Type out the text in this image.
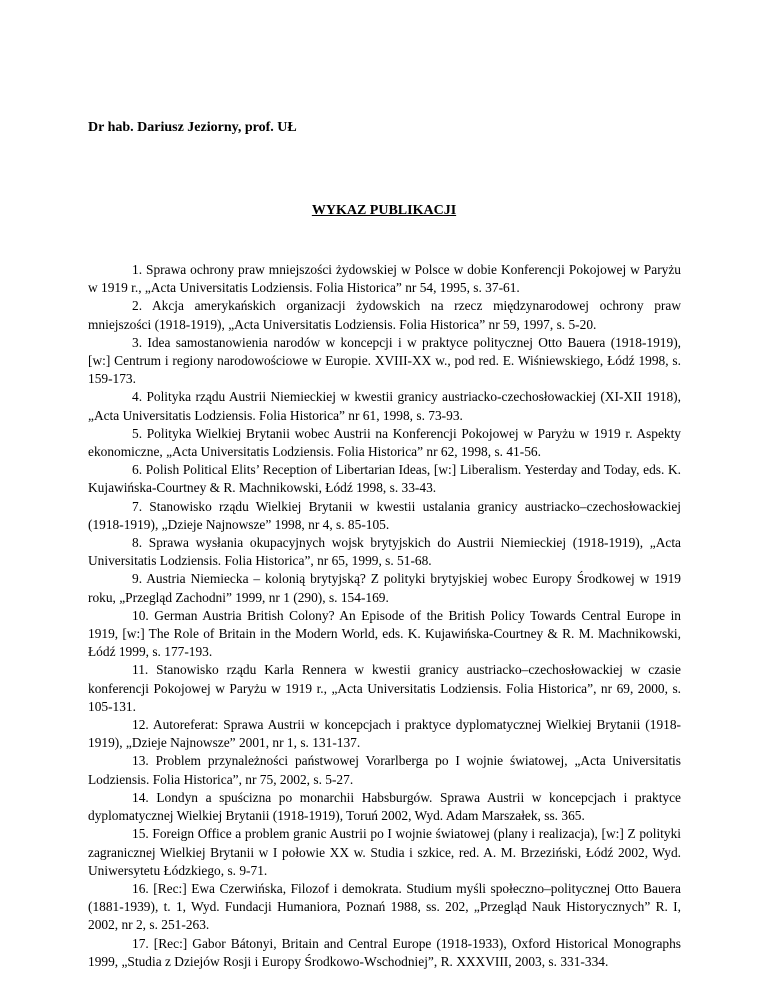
Dr hab. Dariusz Jeziorny, prof. UŁ

WYKAZ PUBLIKACJI

1. Sprawa ochrony praw mniejszości żydowskiej w Polsce w dobie Konferencji Pokojowej w Paryżu w 1919 r., „Acta Universitatis Lodziensis. Folia Historica” nr 54, 1995, s. 37-61.
2. Akcja amerykańskich organizacji żydowskich na rzecz międzynarodowej ochrony praw mniejszości (1918-1919), „Acta Universitatis Lodziensis. Folia Historica” nr 59, 1997, s. 5-20.
3. Idea samostanowienia narodów w koncepcji i w praktyce politycznej Otto Bauera (1918-1919), [w:] Centrum i regiony narodowościowe w Europie. XVIII-XX w., pod red. E. Wiśniewskiego, Łódź 1998, s. 159-173.
4. Polityka rządu Austrii Niemieckiej w kwestii granicy austriacko-czechosłowackiej (XI-XII 1918), „Acta Universitatis Lodziensis. Folia Historica” nr 61, 1998, s. 73-93.
5. Polityka Wielkiej Brytanii wobec Austrii na Konferencji Pokojowej w Paryżu w 1919 r. Aspekty ekonomiczne, „Acta Universitatis Lodziensis. Folia Historica” nr 62, 1998, s. 41-56.
6. Polish Political Elits’ Reception of Libertarian Ideas, [w:] Liberalism. Yesterday and Today, eds. K. Kujawińska-Courtney & R. Machnikowski, Łódź 1998, s. 33-43.
7. Stanowisko rządu Wielkiej Brytanii w kwestii ustalania granicy austriacko–czechosłowackiej (1918-1919), „Dzieje Najnowsze” 1998, nr 4, s. 85-105.
8. Sprawa wysłania okupacyjnych wojsk brytyjskich do Austrii Niemieckiej (1918-1919), „Acta Universitatis Lodziensis. Folia Historica”, nr 65, 1999, s. 51-68.
9. Austria Niemiecka – kolonią brytyjską? Z polityki brytyjskiej wobec Europy Środkowej w 1919 roku, „Przegląd Zachodni” 1999, nr 1 (290), s. 154-169.
10. German Austria British Colony? An Episode of the British Policy Towards Central Europe in 1919, [w:] The Role of Britain in the Modern World, eds. K. Kujawińska-Courtney & R. M. Machnikowski, Łódź 1999, s. 177-193.
11. Stanowisko rządu Karla Rennera w kwestii granicy austriacko–czechosłowackiej w czasie konferencji Pokojowej w Paryżu w 1919 r., „Acta Universitatis Lodziensis. Folia Historica”, nr 69, 2000, s. 105-131.
12. Autoreferat: Sprawa Austrii w koncepcjach i praktyce dyplomatycznej Wielkiej Brytanii (1918-1919), „Dzieje Najnowsze” 2001, nr 1, s. 131-137.
13. Problem przynależności państwowej Vorarlberga po I wojnie światowej, „Acta Universitatis Lodziensis. Folia Historica”, nr 75, 2002, s. 5-27.
14. Londyn a spuścizna po monarchii Habsburgów. Sprawa Austrii w koncepcjach i praktyce dyplomatycznej Wielkiej Brytanii (1918-1919), Toruń 2002, Wyd. Adam Marszałek, ss. 365.
15. Foreign Office a problem granic Austrii po I wojnie światowej (plany i realizacja), [w:] Z polityki zagranicznej Wielkiej Brytanii w I połowie XX w. Studia i szkice, red. A. M. Brzeziński, Łódź 2002, Wyd. Uniwersytetu Łódzkiego, s. 9-71.
16. [Rec:] Ewa Czerwińska, Filozof i demokrata. Studium myśli społeczno–politycznej Otto Bauera (1881-1939), t. 1, Wyd. Fundacji Humaniora, Poznań 1988, ss. 202, „Przegląd Nauk Historycznych” R. I, 2002, nr 2, s. 251-263.
17. [Rec:] Gabor Bátonyi, Britain and Central Europe (1918-1933), Oxford Historical Monographs 1999, „Studia z Dziejów Rosji i Europy Środkowo-Wschodniej”, R. XXXVIII, 2003, s. 331-334.
